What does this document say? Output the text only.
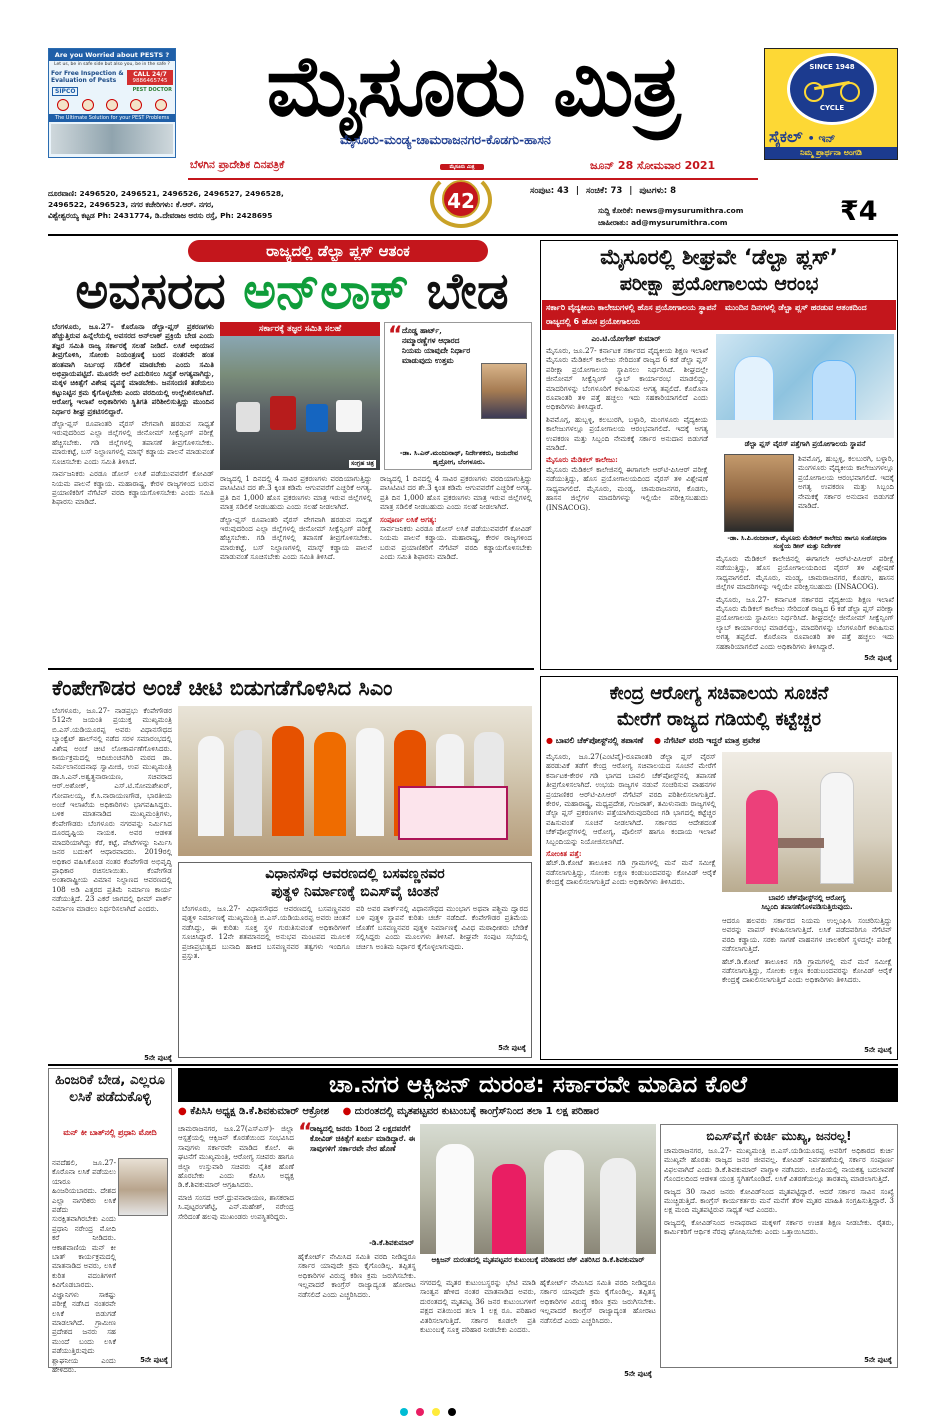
Are you Worried about PESTS ?
Let us, be in safe side but also you, be in the safe ?
For Free Inspection & Evaluation of Pests
CALL 24/7
9886465745
SIPCO	PEST DOCTOR
The Ultimate Solution for your PEST Problems	ಮೈಸೂರು ಮಿತ್ರ
ಮೈಸೂರು-ಮಂಡ್ಯ-ಚಾಮರಾಜನಗರ-ಕೊಡಗು-ಹಾಸನ
ಬೆಳಗಿನ ಪ್ರಾದೇಶಿಕ ದಿನಪತ್ರಿಕೆ	ಜೂನ್ 28 ಸೋಮವಾರ 2021
SINCE 1948
CYCLE
ಸೈಕಲ್ • ಇನ್
ನಿಮ್ಮ ಪ್ರಾರ್ಥನಾ ಅಂಗಡಿ
ದೂರವಾಣಿ: 2496520, 2496521, 2496526, 2496527, 2496528,
2496522, 2496523, ನಗರ ಕಚೇರಿಗಳು: ಕೆ.ಆರ್. ನಗರ,
ವಿಶ್ವೇಶ್ವರಯ್ಯ ಕಟ್ಟಡ Ph: 2431774, ಡಿ.ದೇವರಾಜ ಅರಸು ರಸ್ತೆ, Ph: 2428695
ಮೈಸೂರು ಮಿತ್ರ
42	ಸಂಪುಟ: 43 | ಸಂಚಿಕೆ: 73 | ಪುಟಗಳು: 8
ಸುದ್ದಿ ಕೋರಿಕೆ: news@mysurumithra.com
ಜಾಹೀರಾತು: ad@mysurumithra.com	₹4
ರಾಜ್ಯದಲ್ಲಿ ಡೆಲ್ಟಾ ಪ್ಲಸ್ ಆತಂಕ
ಅವಸರದ ಅನ್‌ಲಾಕ್ ಬೇಡ

ಬೆಂಗಳೂರು, ಜೂ.27- ಕೊರೊನಾ ಡೆಲ್ಟಾ-ಪ್ಲಸ್ ಪ್ರಕರಣಗಳು ಹೆಚ್ಚುತ್ತಿರುವ ಹಿನ್ನೆಲೆಯಲ್ಲಿ ಅವಸರದ ಅನ್‌ಲಾಕ್ ಪ್ರಕ್ರಿಯೆ ಬೇಡ ಎಂದು ತಜ್ಞರ ಸಮಿತಿ ರಾಜ್ಯ ಸರ್ಕಾರಕ್ಕೆ ಸಲಹೆ ನೀಡಿದೆ. ಲಸಿಕೆ ಅಭಿಯಾನ ತೀವ್ರಗೊಳಿಸಿ, ಸೋಂಕು ನಿಯಂತ್ರಣಕ್ಕೆ ಬಂದ ನಂತರವೇ ಹಂತ ಹಂತವಾಗಿ ನಿರ್ಬಂಧ ಸಡಿಲಿಕೆ ಮಾಡಬೇಕು ಎಂದು ಸಮಿತಿ ಅಭಿಪ್ರಾಯಪಟ್ಟಿದೆ. ಮೂರನೇ ಅಲೆ ಎದುರಿಸಲು ಸಿದ್ಧತೆ ಅಗತ್ಯವಾಗಿದ್ದು, ಮಕ್ಕಳ ಚಿಕಿತ್ಸೆಗೆ ವಿಶೇಷ ವ್ಯವಸ್ಥೆ ಮಾಡಬೇಕು. ಜನಸಂದಣಿ ತಡೆಯಲು ಕಟ್ಟುನಿಟ್ಟಿನ ಕ್ರಮ ಕೈಗೊಳ್ಳಬೇಕು ಎಂದು ವರದಿಯಲ್ಲಿ ಉಲ್ಲೇಖಿಸಲಾಗಿದೆ. ಆರೋಗ್ಯ ಇಲಾಖೆ ಅಧಿಕಾರಿಗಳು ಸ್ಥಿತಿಗತಿ ಪರಿಶೀಲಿಸುತ್ತಿದ್ದು ಮುಂದಿನ ನಿರ್ಧಾರ ಶೀಘ್ರ ಪ್ರಕಟಿಸಲಿದ್ದಾರೆ.

ಡೆಲ್ಟಾ-ಪ್ಲಸ್ ರೂಪಾಂತರಿ ವೈರಸ್ ವೇಗವಾಗಿ ಹರಡುವ ಸಾಧ್ಯತೆ ಇರುವುದರಿಂದ ಎಲ್ಲಾ ಜಿಲ್ಲೆಗಳಲ್ಲಿ ಜೀನೋಮ್ ಸೀಕ್ವೆನ್ಸಿಂಗ್ ಪರೀಕ್ಷೆ ಹೆಚ್ಚಿಸಬೇಕು. ಗಡಿ ಜಿಲ್ಲೆಗಳಲ್ಲಿ ತಪಾಸಣೆ ತೀವ್ರಗೊಳಿಸಬೇಕು. ಮಾರುಕಟ್ಟೆ, ಬಸ್ ನಿಲ್ದಾಣಗಳಲ್ಲಿ ಮಾಸ್ಕ್ ಕಡ್ಡಾಯ ಪಾಲನೆ ಮಾಡುವಂತೆ ಸೂಚಿಸಬೇಕು ಎಂದು ಸಮಿತಿ ತಿಳಿಸಿದೆ.

ಸಾರ್ವಜನಿಕರು ಎರಡೂ ಡೋಸ್ ಲಸಿಕೆ ಪಡೆಯುವವರೆಗೆ ಕೋವಿಡ್ ನಿಯಮ ಪಾಲನೆ ಕಡ್ಡಾಯ. ಮಹಾರಾಷ್ಟ್ರ, ಕೇರಳ ರಾಜ್ಯಗಳಿಂದ ಬರುವ ಪ್ರಯಾಣಿಕರಿಗೆ ನೆಗೆಟಿವ್ ವರದಿ ಕಡ್ಡಾಯಗೊಳಿಸಬೇಕು ಎಂದು ಸಮಿತಿ ಶಿಫಾರಸು ಮಾಡಿದೆ.

ಸರ್ಕಾರಕ್ಕೆ ತಜ್ಞರ ಸಮಿತಿ ಸಲಹೆ
ಸಂಗ್ರಹ ಚಿತ್ರ
“ ದೊಡ್ಡ ಹಾರ್ಟ್, ನಮ್ಮಾರಣ್ಣೆಗಳ ಆಧಾರದ ನಿಯಮ ಯಾವುದೇ ನಿರ್ಧಾರ ಮಾಡುವುದು ಉತ್ತಮ
-ಡಾ. ಸಿ.ಎನ್.ಮಂಜುನಾಥ್, ನಿರ್ದೇಶಕರು, ಜಯದೇವ ಹೃದ್ರೋಗ, ಬೆಂಗಳೂರು.

ರಾಜ್ಯದಲ್ಲಿ 1 ದಿನದಲ್ಲಿ 4 ಸಾವಿರ ಪ್ರಕರಣಗಳು ವರದಿಯಾಗುತ್ತಿದ್ದು ಪಾಸಿಟಿವಿಟಿ ದರ ಶೇ.3 ಕ್ಕಿಂತ ಕಡಿಮೆ ಆಗುವವರೆಗೆ ಎಚ್ಚರಿಕೆ ಅಗತ್ಯ. ಪ್ರತಿ ದಿನ 1,000 ಹೊಸ ಪ್ರಕರಣಗಳು ಮಾತ್ರ ಇರುವ ಜಿಲ್ಲೆಗಳಲ್ಲಿ ಮಾತ್ರ ಸಡಿಲಿಕೆ ನೀಡಬಹುದು ಎಂದು ಸಲಹೆ ನೀಡಲಾಗಿದೆ.

ಡೆಲ್ಟಾ-ಪ್ಲಸ್ ರೂಪಾಂತರಿ ವೈರಸ್ ವೇಗವಾಗಿ ಹರಡುವ ಸಾಧ್ಯತೆ ಇರುವುದರಿಂದ ಎಲ್ಲಾ ಜಿಲ್ಲೆಗಳಲ್ಲಿ ಜೀನೋಮ್ ಸೀಕ್ವೆನ್ಸಿಂಗ್ ಪರೀಕ್ಷೆ ಹೆಚ್ಚಿಸಬೇಕು. ಗಡಿ ಜಿಲ್ಲೆಗಳಲ್ಲಿ ತಪಾಸಣೆ ತೀವ್ರಗೊಳಿಸಬೇಕು. ಮಾರುಕಟ್ಟೆ, ಬಸ್ ನಿಲ್ದಾಣಗಳಲ್ಲಿ ಮಾಸ್ಕ್ ಕಡ್ಡಾಯ ಪಾಲನೆ ಮಾಡುವಂತೆ ಸೂಚಿಸಬೇಕು ಎಂದು ಸಮಿತಿ ತಿಳಿಸಿದೆ.

ರಾಜ್ಯದಲ್ಲಿ 1 ದಿನದಲ್ಲಿ 4 ಸಾವಿರ ಪ್ರಕರಣಗಳು ವರದಿಯಾಗುತ್ತಿದ್ದು ಪಾಸಿಟಿವಿಟಿ ದರ ಶೇ.3 ಕ್ಕಿಂತ ಕಡಿಮೆ ಆಗುವವರೆಗೆ ಎಚ್ಚರಿಕೆ ಅಗತ್ಯ. ಪ್ರತಿ ದಿನ 1,000 ಹೊಸ ಪ್ರಕರಣಗಳು ಮಾತ್ರ ಇರುವ ಜಿಲ್ಲೆಗಳಲ್ಲಿ ಮಾತ್ರ ಸಡಿಲಿಕೆ ನೀಡಬಹುದು ಎಂದು ಸಲಹೆ ನೀಡಲಾಗಿದೆ.

ಸಂಪೂರ್ಣ ಲಸಿಕೆ ಅಗತ್ಯ:

ಸಾರ್ವಜನಿಕರು ಎರಡೂ ಡೋಸ್ ಲಸಿಕೆ ಪಡೆಯುವವರೆಗೆ ಕೋವಿಡ್ ನಿಯಮ ಪಾಲನೆ ಕಡ್ಡಾಯ. ಮಹಾರಾಷ್ಟ್ರ, ಕೇರಳ ರಾಜ್ಯಗಳಿಂದ ಬರುವ ಪ್ರಯಾಣಿಕರಿಗೆ ನೆಗೆಟಿವ್ ವರದಿ ಕಡ್ಡಾಯಗೊಳಿಸಬೇಕು ಎಂದು ಸಮಿತಿ ಶಿಫಾರಸು ಮಾಡಿದೆ.

ಮೈಸೂರಲ್ಲಿ ಶೀಘ್ರವೇ ‘ಡೆಲ್ಟಾ ಪ್ಲಸ್’
ಪರೀಕ್ಷಾ ಪ್ರಯೋಗಾಲಯ ಆರಂಭ
ಸರ್ಕಾರಿ ವೈದ್ಯಕೀಯ ಕಾಲೇಜುಗಳಲ್ಲಿ ಹೊಸ ಪ್ರಯೋಗಾಲಯ ಸ್ಥಾಪನೆ ಮುಂದಿನ ದಿನಗಳಲ್ಲಿ ಡೆಲ್ಟಾ ಪ್ಲಸ್ ಹರಡುವ ಆತಂಕದಿಂದ ರಾಜ್ಯದಲ್ಲಿ 6 ಹೊಸ ಪ್ರಯೋಗಾಲಯ
ಎಂ.ಟಿ.ಯೋಗೇಶ್ ಕುಮಾರ್

ಮೈಸೂರು, ಜೂ.27- ಕರ್ನಾಟಕ ಸರ್ಕಾರದ ವೈದ್ಯಕೀಯ ಶಿಕ್ಷಣ ಇಲಾಖೆ ಮೈಸೂರು ಮೆಡಿಕಲ್ ಕಾಲೇಜು ಸೇರಿದಂತೆ ರಾಜ್ಯದ 6 ಕಡೆ ಡೆಲ್ಟಾ ಪ್ಲಸ್ ಪರೀಕ್ಷಾ ಪ್ರಯೋಗಾಲಯ ಸ್ಥಾಪಿಸಲು ನಿರ್ಧರಿಸಿದೆ. ಶೀಘ್ರದಲ್ಲೇ ಜೀನೋಮ್ ಸೀಕ್ವೆನ್ಸಿಂಗ್ ಲ್ಯಾಬ್ ಕಾರ್ಯಾರಂಭ ಮಾಡಲಿದ್ದು, ಮಾದರಿಗಳನ್ನು ಬೆಂಗಳೂರಿಗೆ ಕಳುಹಿಸುವ ಅಗತ್ಯ ತಪ್ಪಲಿದೆ. ಕೊರೊನಾ ರೂಪಾಂತರಿ ತಳಿ ಪತ್ತೆ ಹಚ್ಚಲು ಇದು ಸಹಕಾರಿಯಾಗಲಿದೆ ಎಂದು ಅಧಿಕಾರಿಗಳು ತಿಳಿಸಿದ್ದಾರೆ.

ಶಿವಮೊಗ್ಗ, ಹುಬ್ಬಳ್ಳಿ, ಕಲಬುರಗಿ, ಬಳ್ಳಾರಿ, ಮಂಗಳೂರು ವೈದ್ಯಕೀಯ ಕಾಲೇಜುಗಳಲ್ಲೂ ಪ್ರಯೋಗಾಲಯ ಆರಂಭವಾಗಲಿದೆ. ಇದಕ್ಕೆ ಅಗತ್ಯ ಉಪಕರಣ ಮತ್ತು ಸಿಬ್ಬಂದಿ ನೇಮಕಕ್ಕೆ ಸರ್ಕಾರ ಅನುದಾನ ಬಿಡುಗಡೆ ಮಾಡಿದೆ.

ಮೈಸೂರು ಮೆಡಿಕಲ್ ಕಾಲೇಜು:

ಮೈಸೂರು ಮೆಡಿಕಲ್ ಕಾಲೇಜಿನಲ್ಲಿ ಈಗಾಗಲೇ ಆರ್‌ಟಿ-ಪಿಸಿಆರ್ ಪರೀಕ್ಷೆ ನಡೆಯುತ್ತಿದ್ದು, ಹೊಸ ಪ್ರಯೋಗಾಲಯದಿಂದ ವೈರಸ್ ತಳಿ ವಿಶ್ಲೇಷಣೆ ಸಾಧ್ಯವಾಗಲಿದೆ. ಮೈಸೂರು, ಮಂಡ್ಯ, ಚಾಮರಾಜನಗರ, ಕೊಡಗು, ಹಾಸನ ಜಿಲ್ಲೆಗಳ ಮಾದರಿಗಳನ್ನು ಇಲ್ಲಿಯೇ ಪರೀಕ್ಷಿಸಬಹುದು (INSACOG).

ಡೆಲ್ಟಾ ಪ್ಲಸ್ ವೈರಸ್ ಪತ್ತೆಗಾಗಿ ಪ್ರಯೋಗಾಲಯ ಸ್ಥಾಪನೆ

ಶಿವಮೊಗ್ಗ, ಹುಬ್ಬಳ್ಳಿ, ಕಲಬುರಗಿ, ಬಳ್ಳಾರಿ, ಮಂಗಳೂರು ವೈದ್ಯಕೀಯ ಕಾಲೇಜುಗಳಲ್ಲೂ ಪ್ರಯೋಗಾಲಯ ಆರಂಭವಾಗಲಿದೆ. ಇದಕ್ಕೆ ಅಗತ್ಯ ಉಪಕರಣ ಮತ್ತು ಸಿಬ್ಬಂದಿ ನೇಮಕಕ್ಕೆ ಸರ್ಕಾರ ಅನುದಾನ ಬಿಡುಗಡೆ ಮಾಡಿದೆ.

-ಡಾ. ಸಿ.ಪಿ.ನಂಜರಾಜ್, ಮೈಸೂರು ಮೆಡಿಕಲ್ ಕಾಲೇಜು ಹಾಗೂ ಸಂಶೋಧನಾ ಸಂಸ್ಥೆಯ ಡೀನ್ ಮತ್ತು ನಿರ್ದೇಶಕ

ಮೈಸೂರು ಮೆಡಿಕಲ್ ಕಾಲೇಜಿನಲ್ಲಿ ಈಗಾಗಲೇ ಆರ್‌ಟಿ-ಪಿಸಿಆರ್ ಪರೀಕ್ಷೆ ನಡೆಯುತ್ತಿದ್ದು, ಹೊಸ ಪ್ರಯೋಗಾಲಯದಿಂದ ವೈರಸ್ ತಳಿ ವಿಶ್ಲೇಷಣೆ ಸಾಧ್ಯವಾಗಲಿದೆ. ಮೈಸೂರು, ಮಂಡ್ಯ, ಚಾಮರಾಜನಗರ, ಕೊಡಗು, ಹಾಸನ ಜಿಲ್ಲೆಗಳ ಮಾದರಿಗಳನ್ನು ಇಲ್ಲಿಯೇ ಪರೀಕ್ಷಿಸಬಹುದು (INSACOG).

ಮೈಸೂರು, ಜೂ.27- ಕರ್ನಾಟಕ ಸರ್ಕಾರದ ವೈದ್ಯಕೀಯ ಶಿಕ್ಷಣ ಇಲಾಖೆ ಮೈಸೂರು ಮೆಡಿಕಲ್ ಕಾಲೇಜು ಸೇರಿದಂತೆ ರಾಜ್ಯದ 6 ಕಡೆ ಡೆಲ್ಟಾ ಪ್ಲಸ್ ಪರೀಕ್ಷಾ ಪ್ರಯೋಗಾಲಯ ಸ್ಥಾಪಿಸಲು ನಿರ್ಧರಿಸಿದೆ. ಶೀಘ್ರದಲ್ಲೇ ಜೀನೋಮ್ ಸೀಕ್ವೆನ್ಸಿಂಗ್ ಲ್ಯಾಬ್ ಕಾರ್ಯಾರಂಭ ಮಾಡಲಿದ್ದು, ಮಾದರಿಗಳನ್ನು ಬೆಂಗಳೂರಿಗೆ ಕಳುಹಿಸುವ ಅಗತ್ಯ ತಪ್ಪಲಿದೆ. ಕೊರೊನಾ ರೂಪಾಂತರಿ ತಳಿ ಪತ್ತೆ ಹಚ್ಚಲು ಇದು ಸಹಕಾರಿಯಾಗಲಿದೆ ಎಂದು ಅಧಿಕಾರಿಗಳು ತಿಳಿಸಿದ್ದಾರೆ.

5ನೇ ಪುಟಕ್ಕೆ
ಕೆಂಪೇಗೌಡರ ಅಂಚೆ ಚೀಟಿ ಬಿಡುಗಡೆಗೊಳಿಸಿದ ಸಿಎಂ

ಬೆಂಗಳೂರು, ಜೂ.27- ನಾಡಪ್ರಭು ಕೆಂಪೇಗೌಡರ 512ನೇ ಜಯಂತಿ ಪ್ರಯುಕ್ತ ಮುಖ್ಯಮಂತ್ರಿ ಬಿ.ಎಸ್.ಯಡಿಯೂರಪ್ಪ ಅವರು ವಿಧಾನಸೌಧದ ಬ್ಯಾಂಕ್ವೆಟ್ ಹಾಲ್‌ನಲ್ಲಿ ನಡೆದ ಸರಳ ಸಮಾರಂಭದಲ್ಲಿ ವಿಶೇಷ ಅಂಚೆ ಚೀಟಿ ಲೋಕಾರ್ಪಣೆಗೊಳಿಸಿದರು. ಕಾರ್ಯಕ್ರಮದಲ್ಲಿ ಆದಿಚುಂಚನಗಿರಿ ಮಠದ ಡಾ. ನಿರ್ಮಲಾನಂದನಾಥ ಸ್ವಾಮೀಜಿ, ಉಪ ಮುಖ್ಯಮಂತ್ರಿ ಡಾ.ಸಿ.ಎನ್.ಅಶ್ವತ್ಥನಾರಾಯಣ, ಸಚಿವರಾದ ಆರ್.ಅಶೋಕ್, ಎಸ್.ಟಿ.ಸೋಮಶೇಖರ್, ಗೋಪಾಲಯ್ಯ, ಕೆ.ಸಿ.ನಾರಾಯಣಗೌಡ, ಭಾರತೀಯ ಅಂಚೆ ಇಲಾಖೆಯ ಅಧಿಕಾರಿಗಳು ಭಾಗವಹಿಸಿದ್ದರು. ಬಳಿಕ ಮಾತನಾಡಿದ ಮುಖ್ಯಮಂತ್ರಿಗಳು, ಕೆಂಪೇಗೌಡರು ಬೆಂಗಳೂರು ನಗರವನ್ನು ನಿರ್ಮಿಸಿದ ದೂರದೃಷ್ಟಿಯ ನಾಯಕ. ಅವರ ಆಡಳಿತ ಮಾದರಿಯಾಗಿದ್ದು ಕೆರೆ, ಕಟ್ಟೆ, ಪೇಟೆಗಳನ್ನು ನಿರ್ಮಿಸಿ ಜನರ ಬದುಕಿಗೆ ಆಧಾರವಾದರು. 2019ರಲ್ಲಿ ಅಧಿಕಾರ ವಹಿಸಿಕೊಂಡ ನಂತರ ಕೆಂಪೇಗೌಡ ಅಭಿವೃದ್ಧಿ ಪ್ರಾಧಿಕಾರ ರಚಿಸಲಾಯಿತು. ಕೆಂಪೇಗೌಡ ಅಂತಾರಾಷ್ಟ್ರೀಯ ವಿಮಾನ ನಿಲ್ದಾಣದ ಆವರಣದಲ್ಲಿ 108 ಅಡಿ ಎತ್ತರದ ಪ್ರತಿಮೆ ನಿರ್ಮಾಣ ಕಾರ್ಯ ನಡೆಯುತ್ತಿದೆ. 23 ಎಕರೆ ಜಾಗದಲ್ಲಿ ಥೀಮ್ ಪಾರ್ಕ್ ನಿರ್ಮಾಣ ಮಾಡಲು ನಿರ್ಧರಿಸಲಾಗಿದೆ ಎಂದರು.

ವಿಧಾನಸೌಧ ಆವರಣದಲ್ಲಿ ಬಸವಣ್ಣನವರ
ಪುತ್ಥಳಿ ನಿರ್ಮಾಣಕ್ಕೆ ಬಿಎಸ್‌ವೈ ಚಿಂತನೆ

ಬೆಂಗಳೂರು, ಜೂ.27- ವಿಧಾನಸೌಧದ ಆವರಣದಲ್ಲಿ ಬಸವಣ್ಣನವರ ಪುತ್ಥಳಿ ನಿರ್ಮಾಣಕ್ಕೆ ಮುಖ್ಯಮಂತ್ರಿ ಬಿ.ಎಸ್.ಯಡಿಯೂರಪ್ಪ ಅವರು ಚಿಂತನೆ ನಡೆಸಿದ್ದು, ಈ ಕುರಿತು ಸೂಕ್ತ ಸ್ಥಳ ಗುರುತಿಸುವಂತೆ ಅಧಿಕಾರಿಗಳಿಗೆ ಸೂಚಿಸಿದ್ದಾರೆ. 12ನೇ ಶತಮಾನದಲ್ಲಿ ಅನುಭವ ಮಂಟಪದ ಮೂಲಕ ಪ್ರಜಾಪ್ರಭುತ್ವದ ಬುನಾದಿ ಹಾಕಿದ ಬಸವಣ್ಣನವರ ತತ್ವಗಳು ಇಂದಿಗೂ ಪ್ರಸ್ತುತ.

ವರಿ ಅವರ ಪಾರ್ಕ್‌ನಲ್ಲಿ ವಿಧಾನಸೌಧದ ಮುಂಭಾಗ ಅಥವಾ ಪಶ್ಚಿಮ ದ್ವಾರದ ಬಳಿ ಪುತ್ಥಳಿ ಸ್ಥಾಪನೆ ಕುರಿತು ಚರ್ಚೆ ನಡೆದಿದೆ. ಕೆಂಪೇಗೌಡರ ಪ್ರತಿಮೆಯ ಜೊತೆಗೆ ಬಸವಣ್ಣನವರ ಪುತ್ಥಳಿ ನಿರ್ಮಾಣಕ್ಕೆ ವಿವಿಧ ಮಠಾಧೀಶರು ಬೇಡಿಕೆ ಸಲ್ಲಿಸಿದ್ದರು ಎಂದು ಮೂಲಗಳು ತಿಳಿಸಿವೆ. ಶೀಘ್ರವೇ ಸಂಪುಟ ಸಭೆಯಲ್ಲಿ ಚರ್ಚಿಸಿ ಅಂತಿಮ ನಿರ್ಧಾರ ಕೈಗೊಳ್ಳಲಾಗುವುದು.

5ನೇ ಪುಟಕ್ಕೆ
5ನೇ ಪುಟಕ್ಕೆ
ಕೇಂದ್ರ ಆರೋಗ್ಯ ಸಚಿವಾಲಯ ಸೂಚನೆ
ಮೇರೆಗೆ ರಾಜ್ಯದ ಗಡಿಯಲ್ಲಿ ಕಟ್ಟೆಚ್ಚರ
● ಬಾವಲಿ ಚೆಕ್‌ಪೋಸ್ಟ್‌ನಲ್ಲಿ ತಪಾಸಣೆ	● ನೆಗೆಟಿವ್ ವರದಿ ಇದ್ದರೆ ಮಾತ್ರ ಪ್ರವೇಶ

ಮೈಸೂರು, ಜೂ.27(ಎಂಟಿವೈ)-ರೂಪಾಂತರಿ ಡೆಲ್ಟಾ ಪ್ಲಸ್ ವೈರಸ್ ಹರಡುವಿಕೆ ತಡೆಗೆ ಕೇಂದ್ರ ಆರೋಗ್ಯ ಸಚಿವಾಲಯದ ಸೂಚನೆ ಮೇರೆಗೆ ಕರ್ನಾಟಕ-ಕೇರಳ ಗಡಿ ಭಾಗದ ಬಾವಲಿ ಚೆಕ್‌ಪೋಸ್ಟ್‌ನಲ್ಲಿ ತಪಾಸಣೆ ತೀವ್ರಗೊಳಿಸಲಾಗಿದೆ. ಉಭಯ ರಾಜ್ಯಗಳ ನಡುವೆ ಸಂಚರಿಸುವ ವಾಹನಗಳ ಪ್ರಯಾಣಿಕರ ಆರ್‌ಟಿ-ಪಿಸಿಆರ್ ನೆಗೆಟಿವ್ ವರದಿ ಪರಿಶೀಲಿಸಲಾಗುತ್ತಿದೆ. ಕೇರಳ, ಮಹಾರಾಷ್ಟ್ರ, ಮಧ್ಯಪ್ರದೇಶ, ಗುಜರಾತ್, ತಮಿಳುನಾಡು ರಾಜ್ಯಗಳಲ್ಲಿ ಡೆಲ್ಟಾ ಪ್ಲಸ್ ಪ್ರಕರಣಗಳು ಪತ್ತೆಯಾಗಿರುವುದರಿಂದ ಗಡಿ ಭಾಗದಲ್ಲಿ ಕಟ್ಟೆಚ್ಚರ ವಹಿಸುವಂತೆ ಸೂಚನೆ ನೀಡಲಾಗಿದೆ. ಸರ್ಕಾರದ ಆದೇಶದಂತೆ ಚೆಕ್‌ಪೋಸ್ಟ್‌ಗಳಲ್ಲಿ ಆರೋಗ್ಯ, ಪೊಲೀಸ್ ಹಾಗೂ ಕಂದಾಯ ಇಲಾಖೆ ಸಿಬ್ಬಂದಿಯನ್ನು ನಿಯೋಜಿಸಲಾಗಿದೆ.

ಸೋಂಕಿತ ಪತ್ತೆ:

ಹೆಚ್.ಡಿ.ಕೋಟೆ ತಾಲೂಕಿನ ಗಡಿ ಗ್ರಾಮಗಳಲ್ಲಿ ಮನೆ ಮನೆ ಸಮೀಕ್ಷೆ ನಡೆಸಲಾಗುತ್ತಿದ್ದು, ಸೋಂಕು ಲಕ್ಷಣ ಕಂಡುಬಂದವರನ್ನು ಕೋವಿಡ್ ಆರೈಕೆ ಕೇಂದ್ರಕ್ಕೆ ದಾಖಲಿಸಲಾಗುತ್ತಿದೆ ಎಂದು ಅಧಿಕಾರಿಗಳು ತಿಳಿಸಿದರು.

ಬಾವಲಿ ಚೆಕ್‌ಪೋಸ್ಟ್‌ನಲ್ಲಿ ಆರೋಗ್ಯ
ಸಿಬ್ಬಂದಿ ತಪಾಸಣೆಗೊಳಪಡಿಸುತ್ತಿರುವುದು.

ಆದರೂ ಹಲವರು ಸರ್ಕಾರದ ನಿಯಮ ಉಲ್ಲಂಘಿಸಿ ಸಂಚರಿಸುತ್ತಿದ್ದು ಅವರನ್ನು ವಾಪಸ್ ಕಳುಹಿಸಲಾಗುತ್ತಿದೆ. ಲಸಿಕೆ ಪಡೆದವರಿಗೂ ನೆಗೆಟಿವ್ ವರದಿ ಕಡ್ಡಾಯ. ಸರಕು ಸಾಗಣೆ ವಾಹನಗಳ ಚಾಲಕರಿಗೆ ಸ್ಥಳದಲ್ಲೇ ಪರೀಕ್ಷೆ ನಡೆಸಲಾಗುತ್ತಿದೆ.

ಹೆಚ್.ಡಿ.ಕೋಟೆ ತಾಲೂಕಿನ ಗಡಿ ಗ್ರಾಮಗಳಲ್ಲಿ ಮನೆ ಮನೆ ಸಮೀಕ್ಷೆ ನಡೆಸಲಾಗುತ್ತಿದ್ದು, ಸೋಂಕು ಲಕ್ಷಣ ಕಂಡುಬಂದವರನ್ನು ಕೋವಿಡ್ ಆರೈಕೆ ಕೇಂದ್ರಕ್ಕೆ ದಾಖಲಿಸಲಾಗುತ್ತಿದೆ ಎಂದು ಅಧಿಕಾರಿಗಳು ತಿಳಿಸಿದರು.

5ನೇ ಪುಟಕ್ಕೆ
ಹಿಂಜರಿಕೆ ಬೇಡ, ಎಲ್ಲರೂ ಲಸಿಕೆ ಪಡೆದುಕೊಳ್ಳಿ
ಮನ್ ಕೀ ಬಾತ್‌ನಲ್ಲಿ ಪ್ರಧಾನಿ ಮೋದಿ

ನವದೆಹಲಿ, ಜೂ.27- ಕೊರೊನಾ ಲಸಿಕೆ ಪಡೆಯಲು ಯಾರೂ ಹಿಂಜರಿಯಬಾರದು. ದೇಶದ ಎಲ್ಲಾ ನಾಗರಿಕರು ಲಸಿಕೆ ಪಡೆದು ಸುರಕ್ಷಿತವಾಗಿರಬೇಕು ಎಂದು ಪ್ರಧಾನಿ ನರೇಂದ್ರ ಮೋದಿ ಕರೆ ನೀಡಿದರು. ಆಕಾಶವಾಣಿಯ ಮನ್ ಕೀ ಬಾತ್ ಕಾರ್ಯಕ್ರಮದಲ್ಲಿ ಮಾತನಾಡಿದ ಅವರು, ಲಸಿಕೆ ಕುರಿತ ವದಂತಿಗಳಿಗೆ ಕಿವಿಗೊಡಬಾರದು. ವಿಜ್ಞಾನಿಗಳು ಸಾಕಷ್ಟು ಪರೀಕ್ಷೆ ನಡೆಸಿದ ನಂತರವೇ ಲಸಿಕೆ ಬಿಡುಗಡೆ ಮಾಡಲಾಗಿದೆ. ಗ್ರಾಮೀಣ ಪ್ರದೇಶದ ಜನರು ಸಹ ಮುಂದೆ ಬಂದು ಲಸಿಕೆ ಪಡೆಯುತ್ತಿರುವುದು ಶ್ಲಾಘನೀಯ ಎಂದು ಹೇಳಿದರು.

5ನೇ ಪುಟಕ್ಕೆ
ಚಾ.ನಗರ ಆಕ್ಸಿಜನ್ ದುರಂತ: ಸರ್ಕಾರವೇ ಮಾಡಿದ ಕೊಲೆ
● ಕೆಪಿಸಿಸಿ ಅಧ್ಯಕ್ಷ ಡಿ.ಕೆ.ಶಿವಕುಮಾರ್ ಆಕ್ರೋಶ	● ದುರಂತದಲ್ಲಿ ಮೃತಪಟ್ಟವರ ಕುಟುಂಬಕ್ಕೆ ಕಾಂಗ್ರೆಸ್‌ನಿಂದ ತಲಾ 1 ಲಕ್ಷ ಪರಿಹಾರ

ಚಾಮರಾಜನಗರ, ಜೂ.27(ಎಸ್‌ಎಸ್)- ಜಿಲ್ಲಾ ಆಸ್ಪತ್ರೆಯಲ್ಲಿ ಆಕ್ಸಿಜನ್ ಕೊರತೆಯಿಂದ ಸಂಭವಿಸಿದ ಸಾವುಗಳು ಸರ್ಕಾರವೇ ಮಾಡಿದ ಕೊಲೆ. ಈ ಘಟನೆಗೆ ಮುಖ್ಯಮಂತ್ರಿ, ಆರೋಗ್ಯ ಸಚಿವರು ಹಾಗೂ ಜಿಲ್ಲಾ ಉಸ್ತುವಾರಿ ಸಚಿವರು ನೈತಿಕ ಹೊಣೆ ಹೊರಬೇಕು ಎಂದು ಕೆಪಿಸಿಸಿ ಅಧ್ಯಕ್ಷ ಡಿ.ಕೆ.ಶಿವಕುಮಾರ್ ಆಗ್ರಹಿಸಿದರು.

ಮಾಜಿ ಸಂಸದ ಆರ್.ಧ್ರುವನಾರಾಯಣ, ಶಾಸಕರಾದ ಸಿ.ಪುಟ್ಟರಂಗಶೆಟ್ಟಿ, ಎನ್.ಮಹೇಶ್, ನರೇಂದ್ರ ಸೇರಿದಂತೆ ಹಲವು ಮುಖಂಡರು ಉಪಸ್ಥಿತರಿದ್ದರು.

“
ರಾಜ್ಯದಲ್ಲಿ ಜನರು 1ರಿಂದ 2 ಲಕ್ಷದವರೆಗೆ ಕೋವಿಡ್ ಚಿಕಿತ್ಸೆಗೆ ಖರ್ಚು ಮಾಡಿದ್ದಾರೆ. ಈ ಸಾವುಗಳಿಗೆ ಸರ್ಕಾರವೇ ನೇರ ಹೊಣೆ
-ಡಿ.ಕೆ.ಶಿವಕುಮಾರ್

ಹೈಕೋರ್ಟ್ ನೇಮಿಸಿದ ಸಮಿತಿ ವರದಿ ನೀಡಿದ್ದರೂ ಸರ್ಕಾರ ಯಾವುದೇ ಕ್ರಮ ಕೈಗೊಂಡಿಲ್ಲ. ತಪ್ಪಿತಸ್ಥ ಅಧಿಕಾರಿಗಳ ವಿರುದ್ಧ ಕಠಿಣ ಕ್ರಮ ಜರುಗಿಸಬೇಕು. ಇಲ್ಲವಾದರೆ ಕಾಂಗ್ರೆಸ್ ರಾಜ್ಯಾದ್ಯಂತ ಹೋರಾಟ ನಡೆಸಲಿದೆ ಎಂದು ಎಚ್ಚರಿಸಿದರು.

ಆಕ್ಸಿಜನ್ ದುರಂತದಲ್ಲಿ ಮೃತಪಟ್ಟವರ ಕುಟುಂಬಕ್ಕೆ ಪರಿಹಾರದ ಚೆಕ್ ವಿತರಿಸಿದ ಡಿ.ಕೆ.ಶಿವಕುಮಾರ್

ನಗರದಲ್ಲಿ ಮೃತರ ಕುಟುಂಬಸ್ಥರನ್ನು ಭೇಟಿ ಮಾಡಿ ಸಾಂತ್ವನ ಹೇಳಿದ ನಂತರ ಮಾತನಾಡಿದ ಅವರು, ದುರಂತದಲ್ಲಿ ಮೃತಪಟ್ಟ 36 ಜನರ ಕುಟುಂಬಗಳಿಗೆ ಪಕ್ಷದ ವತಿಯಿಂದ ತಲಾ 1 ಲಕ್ಷ ರೂ. ಪರಿಹಾರ ವಿತರಿಸಲಾಗುತ್ತಿದೆ. ಸರ್ಕಾರ ಕೂಡಲೇ ಪ್ರತಿ ಕುಟುಂಬಕ್ಕೆ ಸೂಕ್ತ ಪರಿಹಾರ ನೀಡಬೇಕು ಎಂದರು.

ಹೈಕೋರ್ಟ್ ನೇಮಿಸಿದ ಸಮಿತಿ ವರದಿ ನೀಡಿದ್ದರೂ ಸರ್ಕಾರ ಯಾವುದೇ ಕ್ರಮ ಕೈಗೊಂಡಿಲ್ಲ. ತಪ್ಪಿತಸ್ಥ ಅಧಿಕಾರಿಗಳ ವಿರುದ್ಧ ಕಠಿಣ ಕ್ರಮ ಜರುಗಿಸಬೇಕು. ಇಲ್ಲವಾದರೆ ಕಾಂಗ್ರೆಸ್ ರಾಜ್ಯಾದ್ಯಂತ ಹೋರಾಟ ನಡೆಸಲಿದೆ ಎಂದು ಎಚ್ಚರಿಸಿದರು.

ಬಿಎಸ್‌ವೈಗೆ ಕುರ್ಚಿ ಮುಖ್ಯ, ಜನರಲ್ಲ!

ಚಾಮರಾಜನಗರ, ಜೂ.27- ಮುಖ್ಯಮಂತ್ರಿ ಬಿ.ಎಸ್.ಯಡಿಯೂರಪ್ಪ ಅವರಿಗೆ ಅಧಿಕಾರದ ಕುರ್ಚಿ ಮುಖ್ಯವೇ ಹೊರತು ರಾಜ್ಯದ ಜನರ ಜೀವವಲ್ಲ. ಕೋವಿಡ್ ನಿರ್ವಹಣೆಯಲ್ಲಿ ಸರ್ಕಾರ ಸಂಪೂರ್ಣ ವಿಫಲವಾಗಿದೆ ಎಂದು ಡಿ.ಕೆ.ಶಿವಕುಮಾರ್ ವಾಗ್ದಾಳಿ ನಡೆಸಿದರು. ಬಿಜೆಪಿಯಲ್ಲಿ ನಾಯಕತ್ವ ಬದಲಾವಣೆ ಗೊಂದಲದಿಂದ ಆಡಳಿತ ಯಂತ್ರ ಸ್ಥಗಿತಗೊಂಡಿದೆ. ಲಸಿಕೆ ವಿತರಣೆಯಲ್ಲೂ ತಾರತಮ್ಯ ಮಾಡಲಾಗುತ್ತಿದೆ.

ರಾಜ್ಯದ 30 ಸಾವಿರ ಜನರು ಕೋವಿಡ್‌ನಿಂದ ಮೃತಪಟ್ಟಿದ್ದಾರೆ. ಆದರೆ ಸರ್ಕಾರ ಸಾವಿನ ಸಂಖ್ಯೆ ಮುಚ್ಚಿಡುತ್ತಿದೆ. ಕಾಂಗ್ರೆಸ್ ಕಾರ್ಯಕರ್ತರು ಮನೆ ಮನೆಗೆ ತೆರಳಿ ಮೃತರ ಮಾಹಿತಿ ಸಂಗ್ರಹಿಸುತ್ತಿದ್ದಾರೆ. 3 ಲಕ್ಷ ಮಂದಿ ಮೃತಪಟ್ಟಿರುವ ಸಾಧ್ಯತೆ ಇದೆ ಎಂದರು.

ರಾಜ್ಯದಲ್ಲಿ ಕೋವಿಡ್‌ನಿಂದ ಅನಾಥರಾದ ಮಕ್ಕಳಿಗೆ ಸರ್ಕಾರ ಉಚಿತ ಶಿಕ್ಷಣ ನೀಡಬೇಕು. ರೈತರು, ಕಾರ್ಮಿಕರಿಗೆ ಆರ್ಥಿಕ ನೆರವು ಘೋಷಿಸಬೇಕು ಎಂದು ಒತ್ತಾಯಿಸಿದರು.

5ನೇ ಪುಟಕ್ಕೆ
5ನೇ ಪುಟಕ್ಕೆ
